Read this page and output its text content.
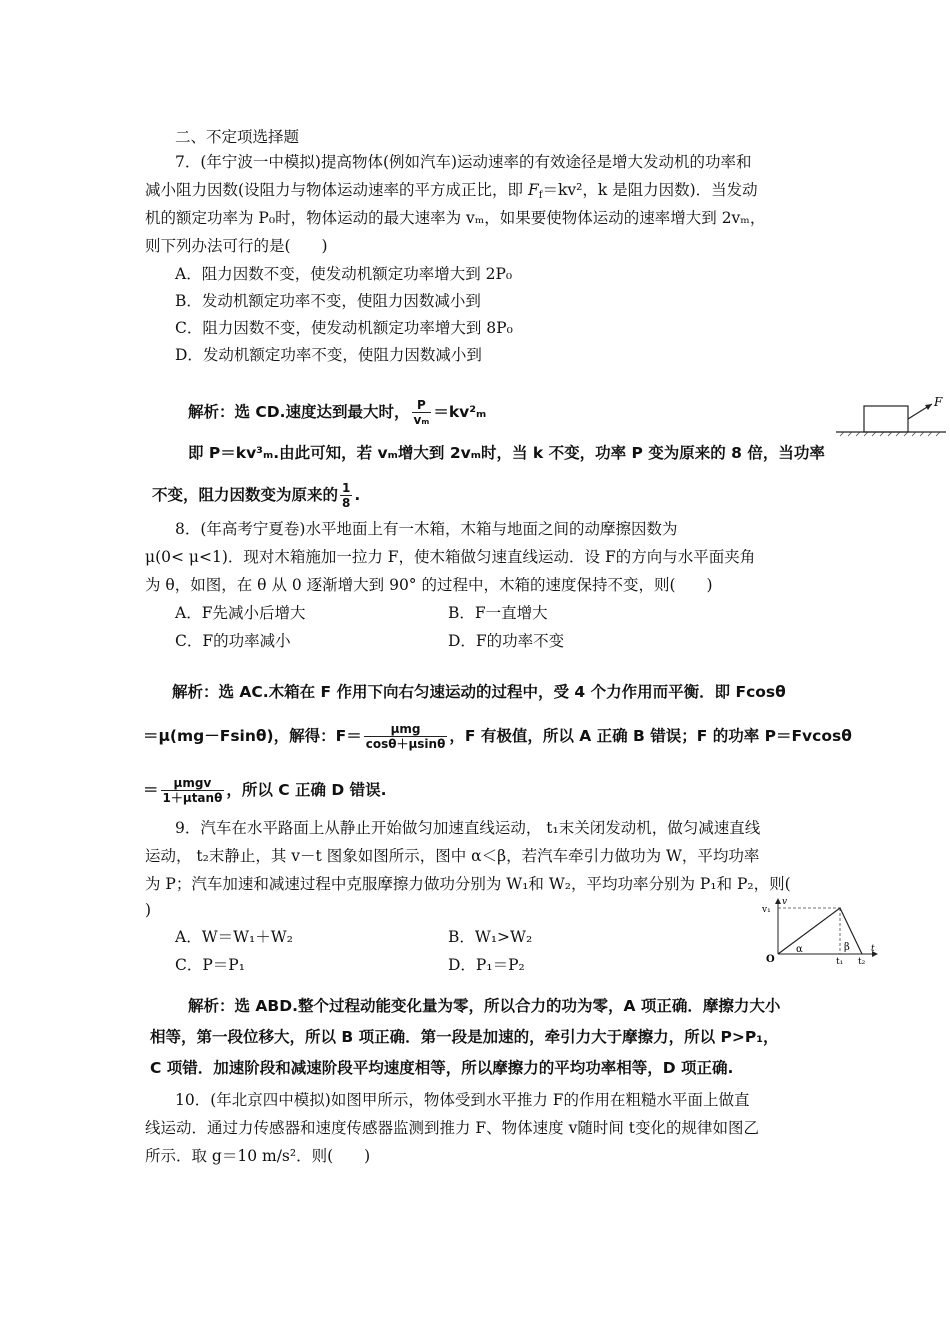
二、不定项选择题
7．(年宁波一中模拟)提高物体(例如汽车)运动速率的有效途径是增大发动机的功率和
减小阻力因数(设阻力与物体运动速率的平方成正比，即 $F_f=kv^2$，k 是阻力因数)．当发动
机的额定功率为 P₀时，物体运动的最大速率为 vₘ，如果要使物体运动的速率增大到 2vₘ，
则下列办法可行的是(　　)
A．阻力因数不变，使发动机额定功率增大到 2P₀
B．发动机额定功率不变，使阻力因数减小到
C．阻力因数不变，使发动机额定功率增大到 8P₀
D．发动机额定功率不变，使阻力因数减小到
解析：选 CD.速度达到最大时， $\frac{P}{\text{vₘ}} =kv^2_m$
即 P＝kv³ₘ.由此可知，若 vₘ增大到 2vₘ时，当 k 不变，功率 P 变为原来的 8 倍，当功率
不变，阻力因数变为原来的 $\frac{1}{8}$ .
F
8．(年高考宁夏卷)水平地面上有一木箱，木箱与地面之间的动摩擦因数为
μ(0< μ<1)．现对木箱施加一拉力 F，使木箱做匀速直线运动．设 F的方向与水平面夹角
为 θ，如图，在 θ 从 0 逐渐增大到 90° 的过程中，木箱的速度保持不变，则(　　)
A．F先减小后增大	B．F一直增大
C．F的功率减小	D．F的功率不变
解析：选 AC.木箱在 F 作用下向右匀速运动的过程中，受 4 个力作用而平衡．即 Fcosθ
＝μ(mg－Fsinθ)，解得：$F= \frac{\text{μmg}}{\cos\theta+\mu\sin\theta}$ ，F 有极值，所以 A 正确 B 错误；F 的功率 P＝Fvcosθ
＝ $\frac{\text{μmgv}}{1+\mu\tan\theta}$ ，所以 C 正确 D 错误.
9．汽车在水平路面上从静止开始做匀加速直线运动， t₁末关闭发动机，做匀减速直线
运动， t₂末静止，其 v－t 图象如图所示，图中 α＜β，若汽车牵引力做功为 W，平均功率
为 P；汽车加速和减速过程中克服摩擦力做功分别为 W₁和 W₂，平均功率分别为 P₁和 P₂，则(
)
A．W＝W₁＋W₂	B．W₁>W₂
C．P＝P₁	D．P₁＝P₂
解析：选 ABD.整个过程动能变化量为零，所以合力的功为零，A 项正确．摩擦力大小
相等，第一段位移大，所以 B 项正确．第一段是加速的，牵引力大于摩擦力，所以 P>P₁，
C 项错．加速阶段和减速阶段平均速度相等，所以摩擦力的平均功率相等，D 项正确.
v₁
v
O
α	β t
t₁ t₂
10．(年北京四中模拟)如图甲所示，物体受到水平推力 F的作用在粗糙水平面上做直
线运动．通过力传感器和速度传感器监测到推力 F、物体速度 v随时间 t变化的规律如图乙
所示．取 g＝10 m/s²．则(　　)
